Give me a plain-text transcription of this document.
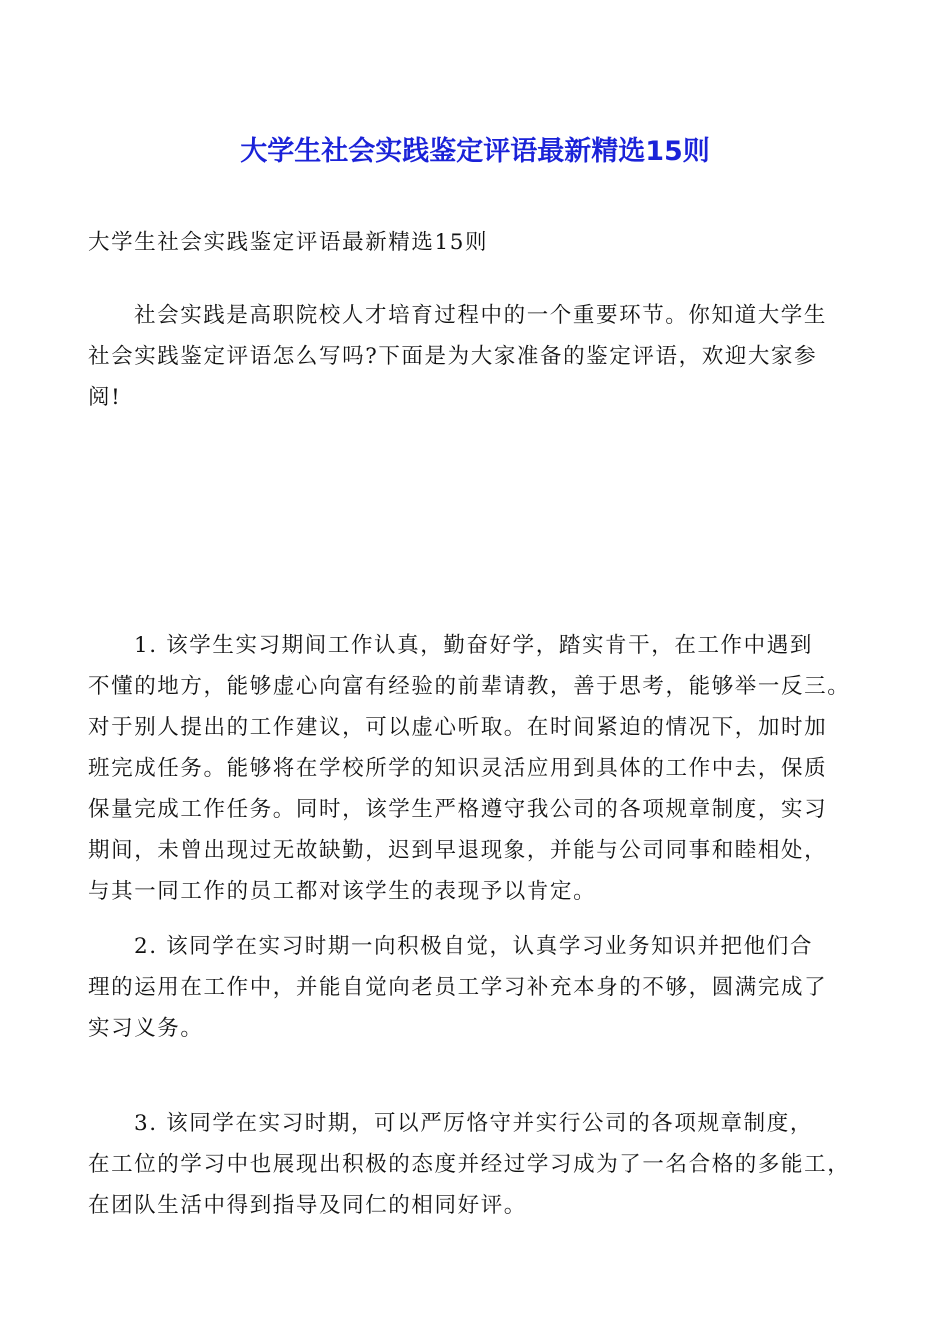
大学生社会实践鉴定评语最新精选15则
大学生社会实践鉴定评语最新精选15则
社会实践是高职院校人才培育过程中的一个重要环节。你知道大学生
社会实践鉴定评语怎么写吗?下面是为大家准备的鉴定评语，欢迎大家参
阅!
1. 该学生实习期间工作认真，勤奋好学，踏实肯干，在工作中遇到
不懂的地方，能够虚心向富有经验的前辈请教，善于思考，能够举一反三。
对于别人提出的工作建议，可以虚心听取。在时间紧迫的情况下，加时加
班完成任务。能够将在学校所学的知识灵活应用到具体的工作中去，保质
保量完成工作任务。同时，该学生严格遵守我公司的各项规章制度，实习
期间，未曾出现过无故缺勤，迟到早退现象，并能与公司同事和睦相处，
与其一同工作的员工都对该学生的表现予以肯定。
2. 该同学在实习时期一向积极自觉，认真学习业务知识并把他们合
理的运用在工作中，并能自觉向老员工学习补充本身的不够，圆满完成了
实习义务。
3. 该同学在实习时期，可以严厉恪守并实行公司的各项规章制度，
在工位的学习中也展现出积极的态度并经过学习成为了一名合格的多能工，
在团队生活中得到指导及同仁的相同好评。
